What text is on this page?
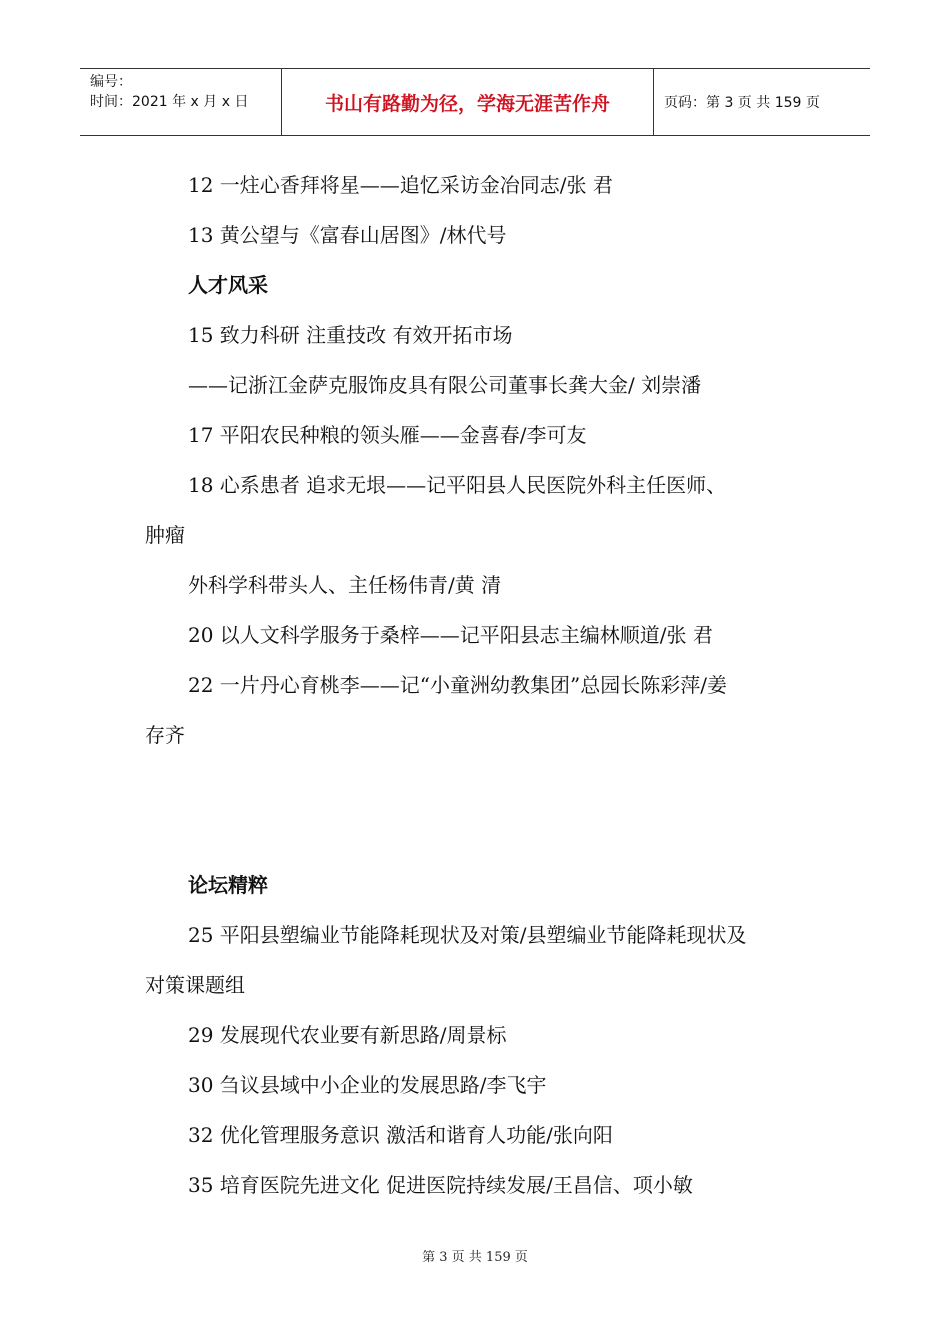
编号：
时间：2021 年 x 月 x 日	书山有路勤为径，学海无涯苦作舟	页码：第 3 页 共 159 页
12 一炷心香拜将星——追忆采访金冶同志/张 君
13 黄公望与《富春山居图》/林代号
人才风采
15 致力科研 注重技改 有效开拓市场
——记浙江金萨克服饰皮具有限公司董事长龚大金/ 刘崇潘
17 平阳农民种粮的领头雁——金喜春/李可友
18 心系患者 追求无垠——记平阳县人民医院外科主任医师、
肿瘤
外科学科带头人、主任杨伟青/黄 清
20 以人文科学服务于桑梓——记平阳县志主编林顺道/张 君
22 一片丹心育桃李——记“小童洲幼教集团”总园长陈彩萍/姜
存齐
论坛精粹
25 平阳县塑编业节能降耗现状及对策/县塑编业节能降耗现状及
对策课题组
29 发展现代农业要有新思路/周景标
30 刍议县域中小企业的发展思路/李飞宇
32 优化管理服务意识 激活和谐育人功能/张向阳
35 培育医院先进文化 促进医院持续发展/王昌信、项小敏
第 3 页 共 159 页
